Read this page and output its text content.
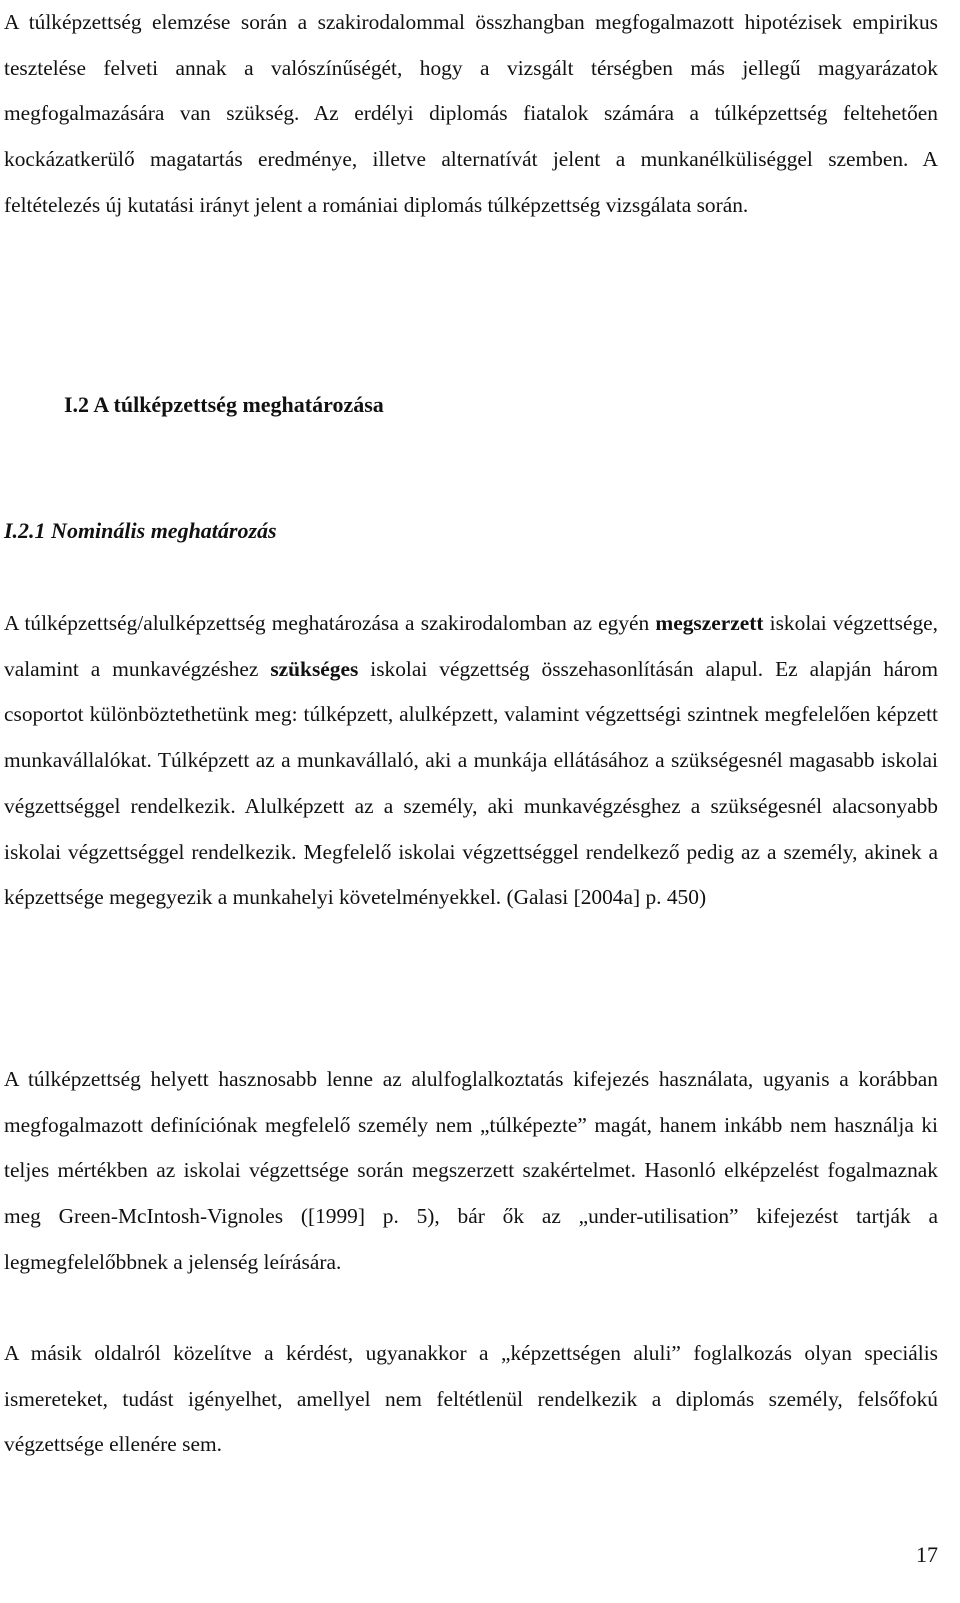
A túlképzettség elemzése során a szakirodalommal összhangban megfogalmazott hipotézisek empirikus tesztelése felveti annak a valószínűségét, hogy a vizsgált térségben más jellegű magyarázatok megfogalmazására van szükség. Az erdélyi diplomás fiatalok számára a túlképzettség feltehetően kockázatkerülő magatartás eredménye, illetve alternatívát jelent a munkanélküliséggel szemben. A feltételezés új kutatási irányt jelent a romániai diplomás túlképzettség vizsgálata során.

I.2 A túlképzettség meghatározása
I.2.1 Nominális meghatározás

A túlképzettség/alulképzettség meghatározása a szakirodalomban az egyén megszerzett iskolai végzettsége, valamint a munkavégzéshez szükséges iskolai végzettség összehasonlításán alapul. Ez alapján három csoportot különböztethetünk meg: túlképzett, alulképzett, valamint végzettségi szintnek megfelelően képzett munkavállalókat. Túlképzett az a munkavállaló, aki a munkája ellátásához a szükségesnél magasabb iskolai végzettséggel rendelkezik. Alulképzett az a személy, aki munkavégzésghez a szükségesnél alacsonyabb iskolai végzettséggel rendelkezik. Megfelelő iskolai végzettséggel rendelkező pedig az a személy, akinek a képzettsége megegyezik a munkahelyi követelményekkel. (Galasi [2004a] p. 450)

A túlképzettség helyett hasznosabb lenne az alulfoglalkoztatás kifejezés használata, ugyanis a korábban megfogalmazott definíciónak megfelelő személy nem „túlképezte” magát, hanem inkább nem használja ki teljes mértékben az iskolai végzettsége során megszerzett szakértelmet. Hasonló elképzelést fogalmaznak meg Green-McIntosh-Vignoles ([1999] p. 5), bár ők az „under-utilisation” kifejezést tartják a legmegfelelőbbnek a jelenség leírására.

A másik oldalról közelítve a kérdést, ugyanakkor a „képzettségen aluli” foglalkozás olyan speciális ismereteket, tudást igényelhet, amellyel nem feltétlenül rendelkezik a diplomás személy, felsőfokú végzettsége ellenére sem.

17
